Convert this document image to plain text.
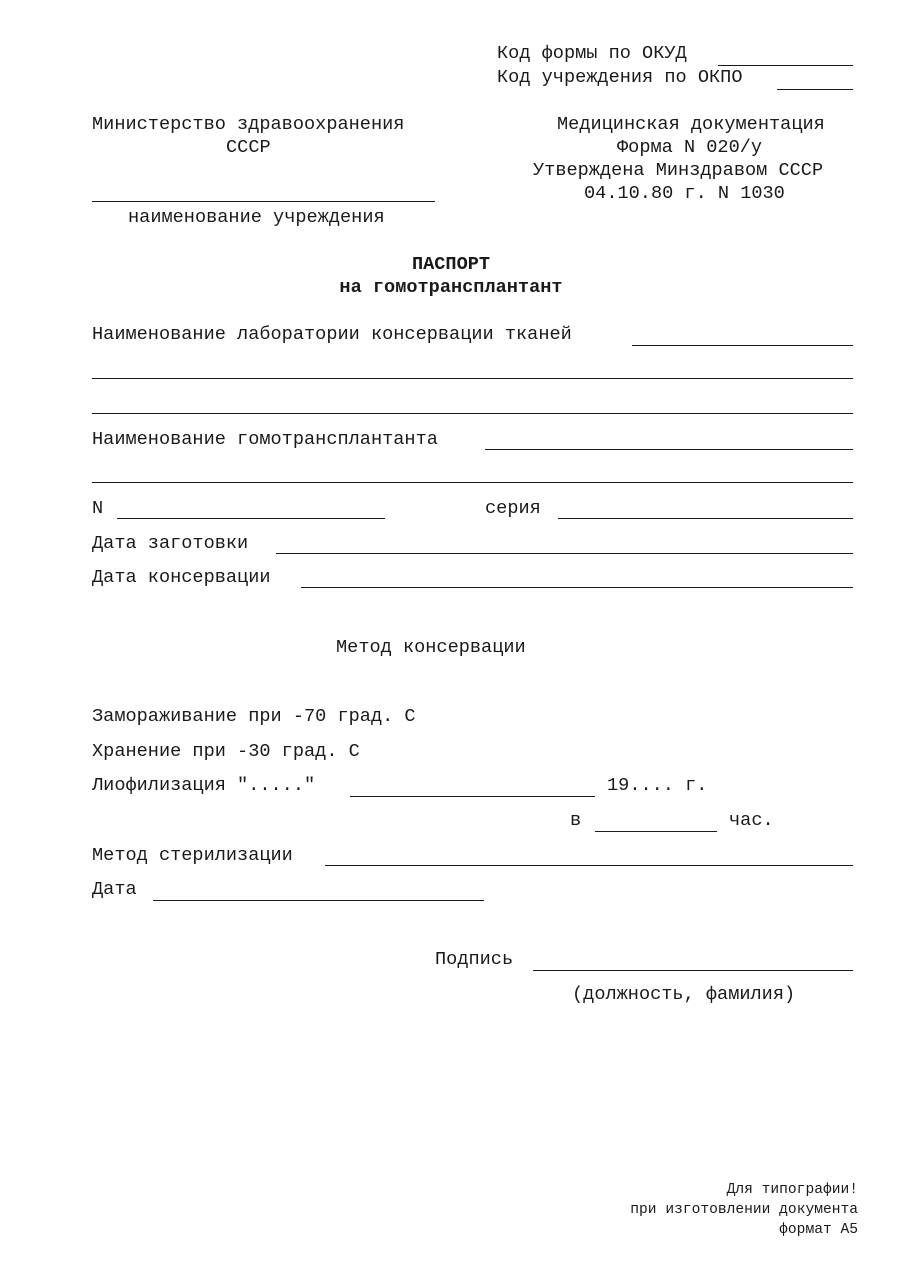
Код формы по ОКУД
Код учреждения по ОКПО
Министерство здравоохранения
СССР
наименование учреждения
Медицинская документация
Форма N 020/у
Утверждена Минздравом СССР
04.10.80 г. N 1030
ПАСПОРТ
на гомотрансплантант
Наименование лаборатории консервации тканей
Наименование гомотрансплантанта
N	серия
Дата заготовки
Дата консервации
Метод консервации
Замораживание при -70 град. С
Хранение при -30 град. С
Лиофилизация "....."	19.... г.
в	час.
Метод стерилизации
Дата
Подпись
(должность, фамилия)
Для типографии!
при изготовлении документа
формат А5
